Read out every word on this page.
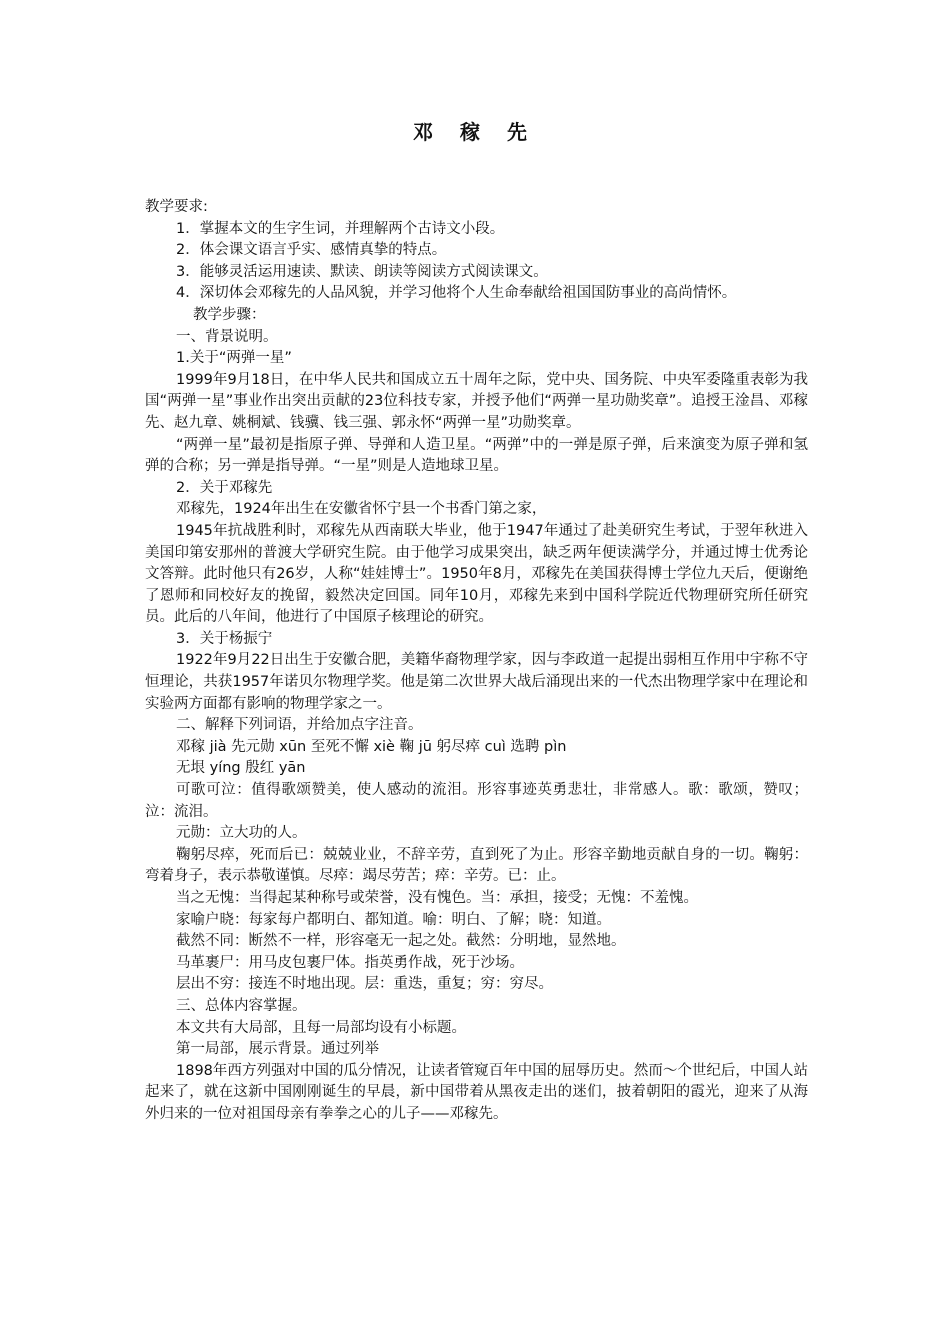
邓 稼 先

教学要求:

1．掌握本文的生字生词，并理解两个古诗文小段。

2．体会课文语言乎实、感情真挚的特点。

3．能够灵活运用速读、默读、朗读等阅读方式阅读课文。

4．深切体会邓稼先的人品风貌，并学习他将个人生命奉献给祖国国防事业的高尚情怀。

教学步骤：

一、背景说明。

1.关于“两弹一星”

1999年9月18日，在中华人民共和国成立五十周年之际，党中央、国务院、中央军委隆重表彰为我国“两弹一星”事业作出突出贡献的23位科技专家，并授予他们“两弹一星功勋奖章”。追授王淦昌、邓稼先、赵九章、姚桐斌、钱骥、钱三强、郭永怀“两弹一星”功勋奖章。

“两弹一星”最初是指原子弹、导弹和人造卫星。“两弹”中的一弹是原子弹，后来演变为原子弹和氢弹的合称；另一弹是指导弹。“一星”则是人造地球卫星。

2．关于邓稼先

邓稼先，1924年出生在安徽省怀宁县一个书香门第之家，

1945年抗战胜利时，邓稼先从西南联大毕业，他于1947年通过了赴美研究生考试，于翌年秋进入美国印第安那州的普渡大学研究生院。由于他学习成果突出，缺乏两年便读满学分，并通过博士优秀论文答辩。此时他只有26岁，人称“娃娃博士”。1950年8月，邓稼先在美国获得博士学位九天后，便谢绝了恩师和同校好友的挽留，毅然决定回国。同年10月，邓稼先来到中国科学院近代物理研究所任研究员。此后的八年间，他进行了中国原子核理论的研究。

3．关于杨振宁

1922年9月22日出生于安徽合肥，美籍华裔物理学家，因与李政道一起提出弱相互作用中宇称不守恒理论，共获1957年诺贝尔物理学奖。他是第二次世界大战后涌现出来的一代杰出物理学家中在理论和实验两方面都有影响的物理学家之一。

二、解释下列词语，并给加点字注音。

邓稼 jià 先元勋 xūn 至死不懈 xiè 鞠 jū 躬尽瘁 cuì 选聘 pìn

无垠 yíng 殷红 yān

可歌可泣：值得歌颂赞美，使人感动的流泪。形容事迹英勇悲壮，非常感人。歌：歌颂，赞叹；泣：流泪。

元勋：立大功的人。

鞠躬尽瘁，死而后已：兢兢业业，不辞辛劳，直到死了为止。形容辛勤地贡献自身的一切。鞠躬：弯着身子，表示恭敬谨慎。尽瘁：竭尽劳苦；瘁：辛劳。已：止。

当之无愧：当得起某种称号或荣誉，没有愧色。当：承担，接受；无愧：不羞愧。

家喻户晓：每家每户都明白、都知道。喻：明白、了解；晓：知道。

截然不同：断然不一样，形容毫无一起之处。截然：分明地，显然地。

马革裹尸：用马皮包裹尸体。指英勇作战，死于沙场。

层出不穷：接连不时地出现。层：重迭，重复；穷：穷尽。

三、总体内容掌握。

本文共有大局部，且每一局部均设有小标题。

第一局部，展示背景。通过列举

1898年西方列强对中国的瓜分情况，让读者管窥百年中国的屈辱历史。然而～个世纪后，中国人站起来了，就在这新中国刚刚诞生的早晨，新中国带着从黑夜走出的迷们，披着朝阳的霞光，迎来了从海外归来的一位对祖国母亲有拳拳之心的儿子——邓稼先。
